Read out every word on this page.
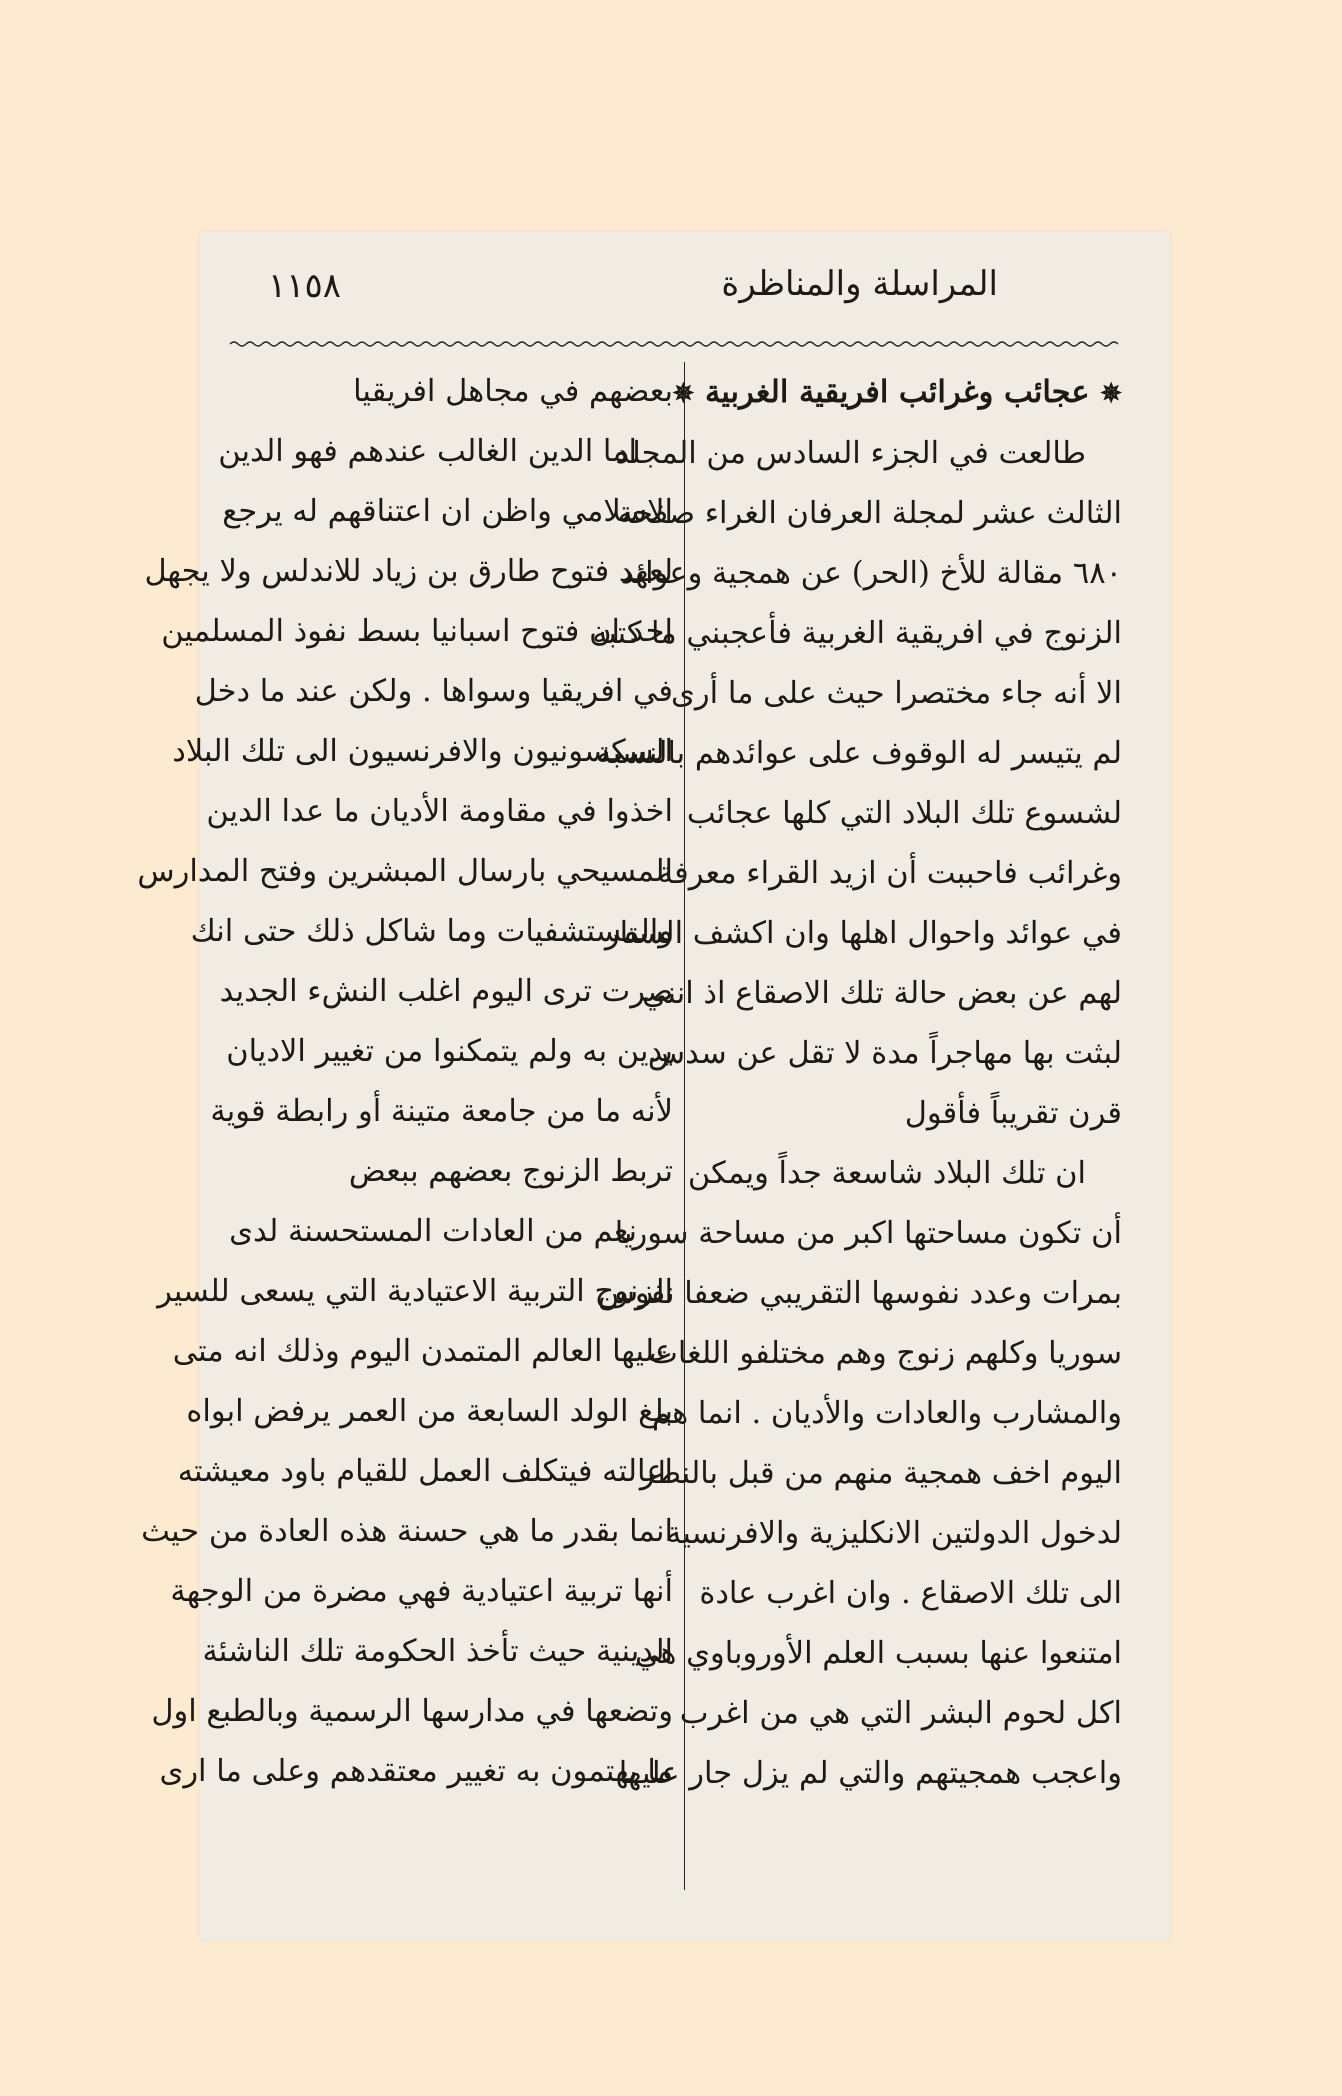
١١٥٨	المراسلة والمناظرة
✵ عجائب وغرائب افريقية الغربية ✵
طالعت في الجزء السادس من المجلد
الثالث عشر لمجلة العرفان الغراء صفحة
٦٨٠ مقالة للأخ (الحر) عن همجية وعوائد
الزنوج في افريقية الغربية فأعجبني ما كتبه
الا أنه جاء مختصرا حيث على ما أرى
لم يتيسر له الوقوف على عوائدهم بالنسبة
لشسوع تلك البلاد التي كلها عجائب
وغرائب فاحببت أن ازيد القراء معرفة
في عوائد واحوال اهلها وان اكشف الستار
لهم عن بعض حالة تلك الاصقاع اذ انني
لبثت بها مهاجراً مدة لا تقل عن سدس
قرن تقريباً فأقول
ان تلك البلاد شاسعة جداً ويمكن
أن تكون مساحتها اكبر من مساحة سوريا
بمرات وعدد نفوسها التقريبي ضعفا نفوس
سوريا وكلهم زنوج وهم مختلفو اللغات
والمشارب والعادات والأديان . انما هم
اليوم اخف همجية منهم من قبل بالنظر
لدخول الدولتين الانكليزية والافرنسية
الى تلك الاصقاع . وان اغرب عادة
امتنعوا عنها بسبب العلم الأوروباوي هي
اكل لحوم البشر التي هي من اغرب
واعجب همجيتهم والتي لم يزل جار عليها
بعضهم في مجاهل افريقيا
اما الدين الغالب عندهم فهو الدين
الاسلامي واظن ان اعتناقهم له يرجع
لعهد فتوح طارق بن زياد للاندلس ولا يجهل
احد ان فتوح اسبانيا بسط نفوذ المسلمين
في افريقيا وسواها . ولكن عند ما دخل
السكسونيون والافرنسيون الى تلك البلاد
اخذوا في مقاومة الأديان ما عدا الدين
المسيحي بارسال المبشرين وفتح المدارس
والمستشفيات وما شاكل ذلك حتى انك
صرت ترى اليوم اغلب النشء الجديد
يدين به ولم يتمكنوا من تغيير الاديان
لأنه ما من جامعة متينة أو رابطة قوية
تربط الزنوج بعضهم ببعض
نعم من العادات المستحسنة لدى
الزنوج التربية الاعتيادية التي يسعى للسير
عليها العالم المتمدن اليوم وذلك انه متى
بلغ الولد السابعة من العمر يرفض ابواه
اعالته فيتكلف العمل للقيام باود معيشته
انما بقدر ما هي حسنة هذه العادة من حيث
أنها تربية اعتيادية فهي مضرة من الوجهة
الدينية حيث تأخذ الحكومة تلك الناشئة
وتضعها في مدارسها الرسمية وبالطبع اول
ما يهتمون به تغيير معتقدهم وعلى ما ارى
